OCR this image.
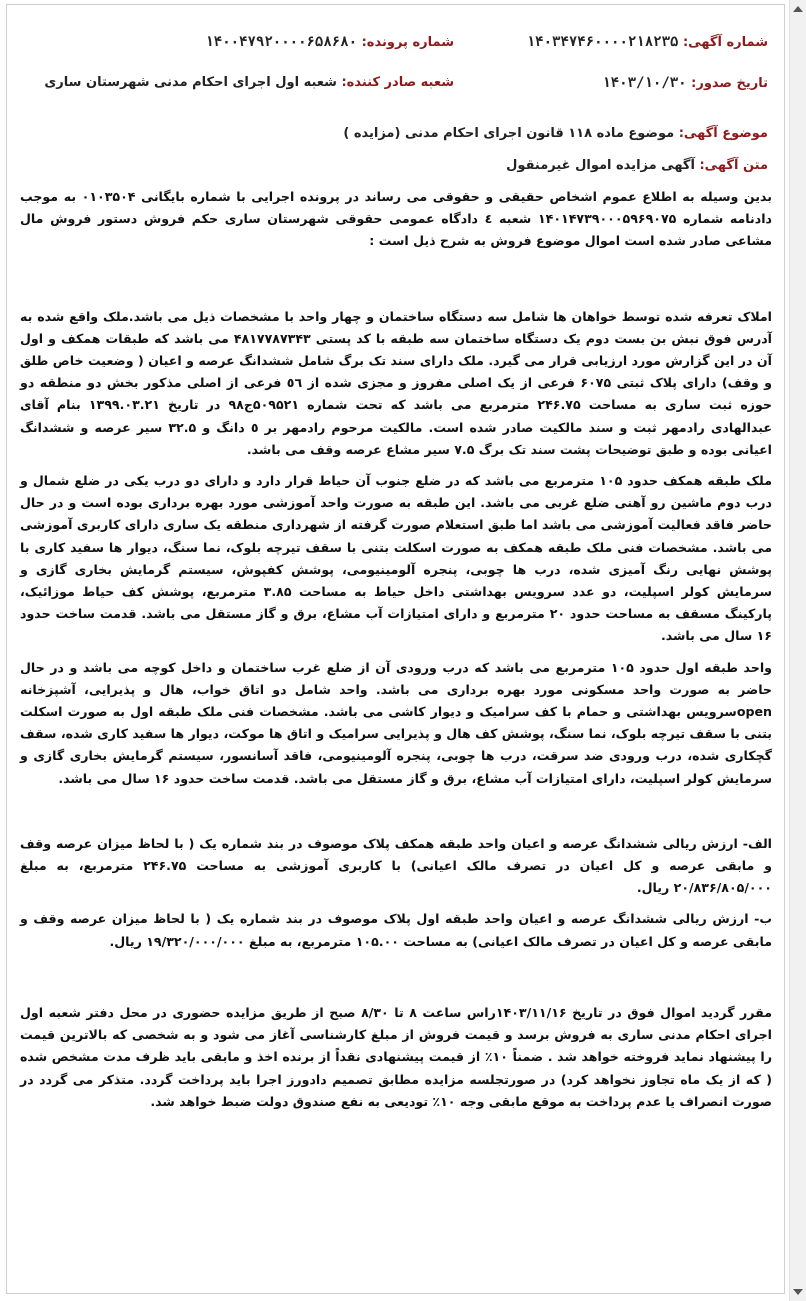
شماره آگهی: ۱۴۰۳۴۷۴۶۰۰۰۰۲۱۸۲۳۵
شماره پرونده: ۱۴۰۰۴۷۹۲۰۰۰۰۶۵۸۶۸۰
تاریخ صدور: ۱۴۰۳/۱۰/۳۰
شعبه صادر کننده: شعبه اول اجرای احکام مدنی شهرستان ساری
موضوع آگهی: موضوع ماده ۱۱۸ قانون اجرای احکام مدنی (مزایده )
متن آگهی: آگهی مزایده اموال غیرمنقول

بدین وسیله به اطلاع عموم اشخاص حقیقی و حقوقی می رساند در پرونده اجرایی با شماره بایگانی ۰۱۰۳۵۰۴ به موجب دادنامه شماره ۱۴۰۱۴۷۳۹۰۰۰۵۹۶۹۰۷۵ شعبه ٤ دادگاه عمومی حقوقی شهرستان ساری حکم فروش دستور فروش مال مشاعی صادر شده است اموال موضوع فروش به شرح ذیل است :

املاک تعرفه شده توسط خواهان ها شامل سه دستگاه ساختمان و چهار واحد با مشخصات ذیل می باشد.ملک واقع شده به آدرس فوق نبش بن بست دوم یک دستگاه ساختمان سه طبقه با کد پستی ۴۸۱۷۷۸۷۳۴۳ می باشد که طبقات همکف و اول آن در این گزارش مورد ارزیابی قرار می گیرد. ملک دارای سند تک برگ شامل ششدانگ عرصه و اعیان ( وضعیت خاص طلق و وقف) دارای پلاک ثبتی ۶۰۷۵ فرعی از یک اصلی مفروز و مجزی شده از ٥٦ فرعی از اصلی مذکور بخش دو منطقه دو حوزه ثبت ساری به مساحت ۲۴۶.۷۵ مترمربع می باشد که تحت شماره ۵۰۹۵۲۱ج۹۸ در تاریخ ۱۳۹۹.۰۳.۲۱ بنام آقای عبدالهادی رادمهر ثبت و سند مالکیت صادر شده است. مالکیت مرحوم رادمهر بر ٥ دانگ و ۳۲.۵ سیر عرصه و ششدانگ اعیانی بوده و طبق توضیحات پشت سند تک برگ ۷.۵ سیر مشاع عرصه وقف می باشد.

ملک طبقه همکف حدود ۱۰۵ مترمربع می باشد که در ضلع جنوب آن حیاط قرار دارد و دارای دو درب یکی در ضلع شمال و درب دوم ماشین رو آهنی ضلع غربی می باشد. این طبقه به صورت واحد آموزشی مورد بهره برداری بوده است و در حال حاضر فاقد فعالیت آموزشی می باشد اما طبق استعلام صورت گرفته از شهرداری منطقه یک ساری دارای کاربری آموزشی می باشد. مشخصات فنی ملک طبقه همکف به صورت اسکلت بتنی با سقف تیرچه بلوک، نما سنگ، دیوار ها سفید کاری با پوشش نهایی رنگ آمیزی شده، درب ها چوبی، پنجره آلومینیومی، پوشش کفپوش، سیستم گرمایش بخاری گازی و سرمایش کولر اسپلیت، دو عدد سرویس بهداشتی داخل حیاط به مساحت ۳.۸۵ مترمربع، پوشش کف حیاط موزائیک، پارکینگ مسقف به مساحت حدود ۲۰ مترمربع و دارای امتیازات آب مشاع، برق و گاز مستقل می باشد. قدمت ساخت حدود ۱۶ سال می باشد.

واحد طبقه اول حدود ۱۰۵ مترمربع می باشد که درب ورودی آن از ضلع غرب ساختمان و داخل کوچه می باشد و در حال حاضر به صورت واحد مسکونی مورد بهره برداری می باشد. واحد شامل دو اتاق خواب، هال و پذیرایی، آشپزخانه openسرویس بهداشتی و حمام با کف سرامیک و دیوار کاشی می باشد. مشخصات فنی ملک طبقه اول به صورت اسکلت بتنی با سقف تیرچه بلوک، نما سنگ، پوشش کف هال و پذیرایی سرامیک و اتاق ها موکت، دیوار ها سفید کاری شده، سقف گچکاری شده، درب ورودی ضد سرقت، درب ها چوبی، پنجره آلومینیومی، فاقد آسانسور، سیستم گرمایش بخاری گازی و سرمایش کولر اسپلیت، دارای امتیازات آب مشاع، برق و گاز مستقل می باشد. قدمت ساخت حدود ۱۶ سال می باشد.

الف- ارزش ریالی ششدانگ عرصه و اعیان واحد طبقه همکف پلاک موصوف در بند شماره یک ( با لحاظ میزان عرصه وقف و مابقی عرصه و کل اعیان در تصرف مالک اعیانی) با کاربری آموزشی به مساحت ۲۴۶.۷۵ مترمربع، به مبلغ ۲۰/۸۳۶/۸۰۵/۰۰۰ ریال.

ب- ارزش ریالی ششدانگ عرصه و اعیان واحد طبقه اول پلاک موصوف در بند شماره یک ( با لحاظ میزان عرصه وقف و مابقی عرصه و کل اعیان در تصرف مالک اعیانی) به مساحت ۱۰۵.۰۰ مترمربع، به مبلغ ۱۹/۳۲۰/۰۰۰/۰۰۰ ریال.

مقرر گردید اموال فوق در تاریخ ۱۴۰۳/۱۱/۱۶راس ساعت ۸ تا ۸/۳۰ صبح از طریق مزایده حضوری در محل دفتر شعبه اول اجرای احکام مدنی ساری به فروش برسد و قیمت فروش از مبلغ کارشناسی آغاز می شود و به شخصی که بالاترین قیمت را پیشنهاد نماید فروخته خواهد شد . ضمناً ۱۰٪ از قیمت پیشنهادی نقداً از برنده اخذ و مابقی باید ظرف مدت مشخص شده ( که از یک ماه تجاوز نخواهد کرد) در صورتجلسه مزایده مطابق تصمیم دادورز اجرا باید پرداخت گردد. متذکر می گردد در صورت انصراف یا عدم پرداخت به موقع مابقی وجه ۱۰٪ تودیعی به نفع صندوق دولت ضبط خواهد شد.
